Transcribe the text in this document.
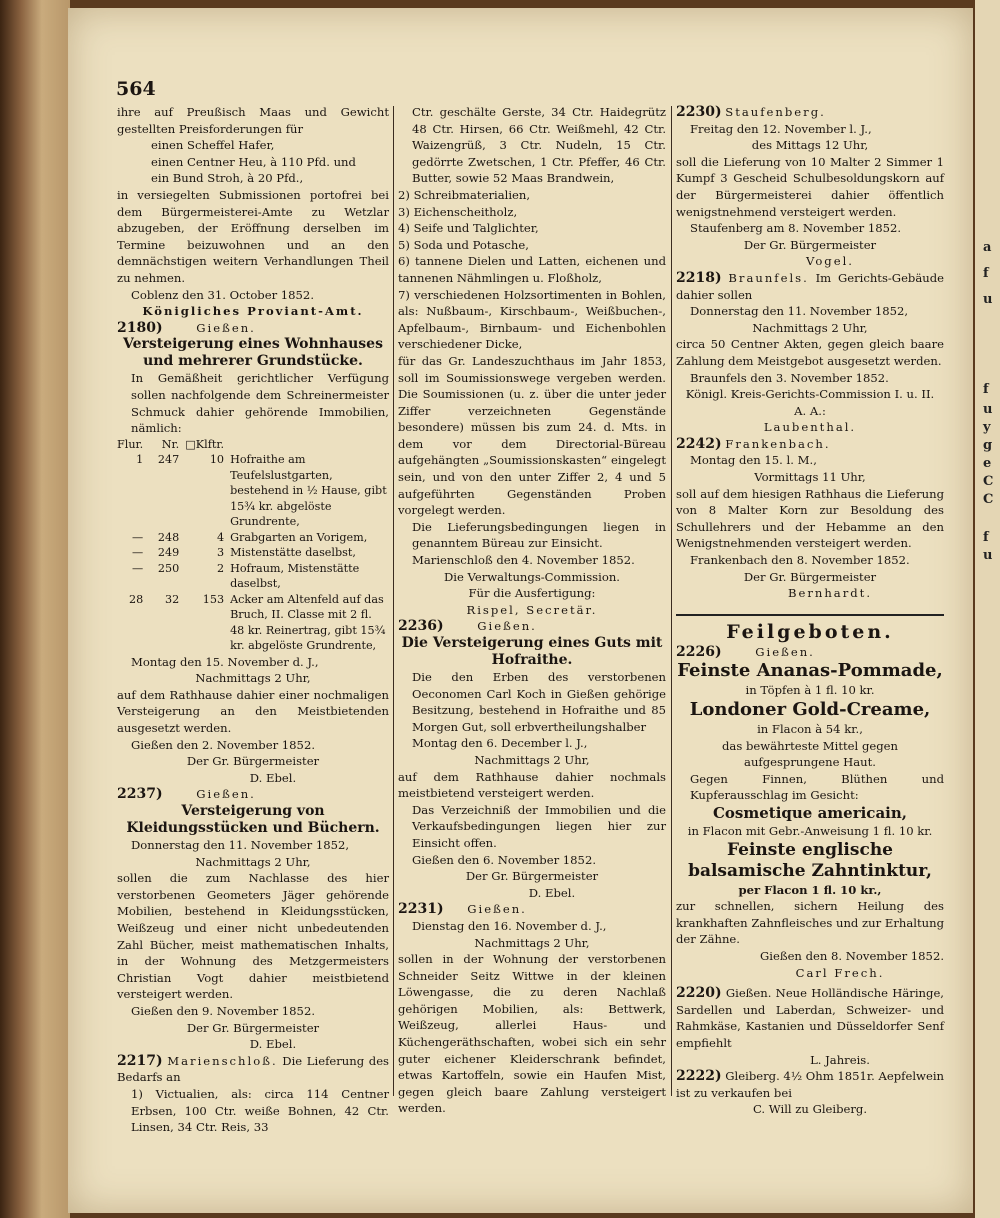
a
f
u
f
u
y
g
e
C
C
f
u
564

ihre auf Preußisch Maas und Gewicht gestellten Preisforderungen für

einen Scheffel Hafer,

einen Centner Heu, à 110 Pfd. und

ein Bund Stroh, à 20 Pfd.,

in versiegelten Submissionen portofrei bei dem Bürgermeisterei-Amte zu Wetzlar abzugeben, der Eröffnung derselben im Termine beizuwohnen und an den demnächstigen weitern Verhandlungen Theil zu nehmen.

Coblenz den 31. October 1852.

Königliches Proviant-Amt.

2180)	Gießen.

Versteigerung eines Wohnhauses und mehrerer Grundstücke.

In Gemäßheit gerichtlicher Verfügung sollen nachfolgende dem Schreinermeister Schmuck dahier gehörende Immobilien, nämlich:

Flur.	Nr.	□Klftr.	
1	247	10	Hofraithe am Teufelslustgarten, bestehend in ½ Hause, gibt 15¾ kr. abgelöste Grundrente,
—	248	4	Grabgarten an Vorigem,
—	249	3	Mistenstätte daselbst,
—	250	2	Hofraum, Mistenstätte daselbst,
28	32	153	Acker am Altenfeld auf das Bruch, II. Classe mit 2 fl. 48 kr. Reinertrag, gibt 15¾ kr. abgelöste Grundrente,

Montag den 15. November d. J.,

Nachmittags 2 Uhr,

auf dem Rathhause dahier einer nochmaligen Versteigerung an den Meistbietenden ausgesetzt werden.

Gießen den 2. November 1852.

Der Gr. Bürgermeister

D. Ebel.

2237)	Gießen.

Versteigerung von Kleidungsstücken und Büchern.

Donnerstag den 11. November 1852,

Nachmittags 2 Uhr,

sollen die zum Nachlasse des hier verstorbenen Geometers Jäger gehörende Mobilien, bestehend in Kleidungsstücken, Weißzeug und einer nicht unbedeutenden Zahl Bücher, meist mathematischen Inhalts, in der Wohnung des Metzgermeisters Christian Vogt dahier meistbietend versteigert werden.

Gießen den 9. November 1852.

Der Gr. Bürgermeister

D. Ebel.

2217) Marienschloß. Die Lieferung des Bedarfs an

1) Victualien, als: circa 114 Centner Erbsen, 100 Ctr. weiße Bohnen, 42 Ctr. Linsen, 34 Ctr. Reis, 33

Ctr. geschälte Gerste, 34 Ctr. Haidegrütz 48 Ctr. Hirsen, 66 Ctr. Weißmehl, 42 Ctr. Waizengrüß, 3 Ctr. Nudeln, 15 Ctr. gedörrte Zwetschen, 1 Ctr. Pfeffer, 46 Ctr. Butter, sowie 52 Maas Brandwein,

2) Schreibmaterialien,

3) Eichenscheitholz,

4) Seife und Talglichter,

5) Soda und Potasche,

6) tannene Dielen und Latten, eichenen und tannenen Nähmlingen u. Floßholz,

7) verschiedenen Holzsortimenten in Bohlen, als: Nußbaum-, Kirschbaum-, Weißbuchen-, Apfelbaum-, Birnbaum- und Eichenbohlen verschiedener Dicke,

für das Gr. Landeszuchthaus im Jahr 1853, soll im Soumissionswege vergeben werden. Die Soumissionen (u. z. über die unter jeder Ziffer verzeichneten Gegenstände besondere) müssen bis zum 24. d. Mts. in dem vor dem Directorial-Büreau aufgehängten „Soumissionskasten“ eingelegt sein, und von den unter Ziffer 2, 4 und 5 aufgeführten Gegenständen Proben vorgelegt werden.

Die Lieferungsbedingungen liegen in genanntem Büreau zur Einsicht.

Marienschloß den 4. November 1852.

Die Verwaltungs-Commission.

Für die Ausfertigung:

Rispel, Secretär.

2236)	Gießen.

Die Versteigerung eines Guts mit Hofraithe.

Die den Erben des verstorbenen Oeconomen Carl Koch in Gießen gehörige Besitzung, bestehend in Hofraithe und 85 Morgen Gut, soll erbvertheilungshalber

Montag den 6. December l. J.,

Nachmittags 2 Uhr,

auf dem Rathhause dahier nochmals meistbietend versteigert werden.

Das Verzeichniß der Immobilien und die Verkaufsbedingungen liegen hier zur Einsicht offen.

Gießen den 6. November 1852.

Der Gr. Bürgermeister

D. Ebel.

2231) Gießen.

Dienstag den 16. November d. J.,

Nachmittags 2 Uhr,

sollen in der Wohnung der verstorbenen Schneider Seitz Wittwe in der kleinen Löwengasse, die zu deren Nachlaß gehörigen Mobilien, als: Bettwerk, Weißzeug, allerlei Haus- und Küchengeräthschaften, wobei sich ein sehr guter eichener Kleiderschrank befindet, etwas Kartoffeln, sowie ein Haufen Mist, gegen gleich baare Zahlung versteigert werden.

2230) Staufenberg.

Freitag den 12. November l. J.,

des Mittags 12 Uhr,

soll die Lieferung von 10 Malter 2 Simmer 1 Kumpf 3 Gescheid Schulbesoldungskorn auf der Bürgermeisterei dahier öffentlich wenigstnehmend versteigert werden.

Staufenberg am 8. November 1852.

Der Gr. Bürgermeister

Vogel.

2218) Braunfels. Im Gerichts-Gebäude dahier sollen

Donnerstag den 11. November 1852,

Nachmittags 2 Uhr,

circa 50 Centner Akten, gegen gleich baare Zahlung dem Meistgebot ausgesetzt werden.

Braunfels den 3. November 1852.

Königl. Kreis-Gerichts-Commission I. u. II.

A. A.:

Laubenthal.

2242) Frankenbach.

Montag den 15. l. M.,

Vormittags 11 Uhr,

soll auf dem hiesigen Rathhaus die Lieferung von 8 Malter Korn zur Besoldung des Schullehrers und der Hebamme an den Wenigstnehmenden versteigert werden.

Frankenbach den 8. November 1852.

Der Gr. Bürgermeister

Bernhardt.

Feilgeboten.

2226)	Gießen.

Feinste Ananas-Pommade,

in Töpfen à 1 fl. 10 kr.

Londoner Gold-Creame,

in Flacon à 54 kr.,

das bewährteste Mittel gegen aufgesprungene Haut.

Gegen Finnen, Blüthen und Kupferausschlag im Gesicht:

Cosmetique americain,

in Flacon mit Gebr.-Anweisung 1 fl. 10 kr.

Feinste englische balsamische Zahntinktur,

per Flacon 1 fl. 10 kr.,

zur schnellen, sichern Heilung des krankhaften Zahnfleisches und zur Erhaltung der Zähne.

Gießen den 8. November 1852.

Carl Frech.

2220) Gießen. Neue Holländische Häringe, Sardellen und Laberdan, Schweizer- und Rahmkäse, Kastanien und Düsseldorfer Senf empfiehlt

L. Jahreis.

2222) Gleiberg. 4½ Ohm 1851r. Aepfelwein ist zu verkaufen bei

C. Will zu Gleiberg.
